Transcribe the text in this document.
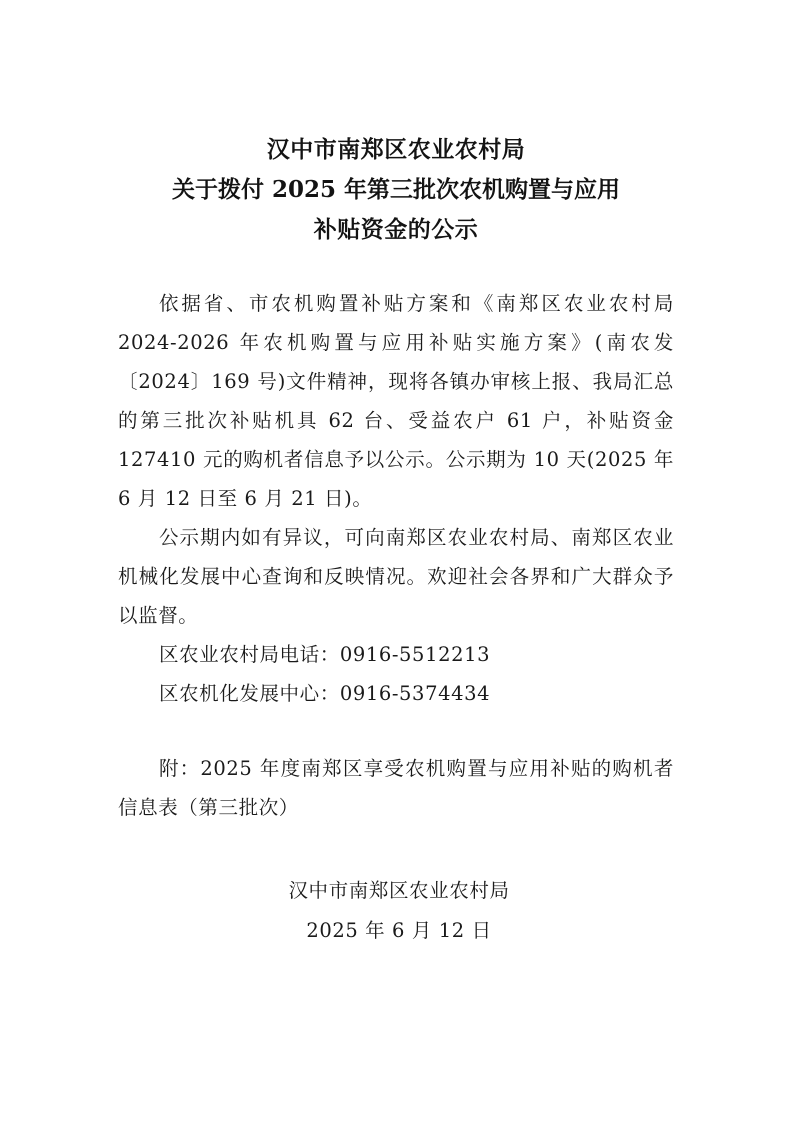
汉中市南郑区农业农村局
关于拨付 2025 年第三批次农机购置与应用
补贴资金的公示

依据省、市农机购置补贴方案和《南郑区农业农村局2024-2026 年农机购置与应用补贴实施方案》(南农发〔2024〕169 号)文件精神，现将各镇办审核上报、我局汇总的第三批次补贴机具 62 台、受益农户 61 户，补贴资金 127410 元的购机者信息予以公示。公示期为 10 天(2025 年 6 月 12 日至 6 月 21 日)。

公示期内如有异议，可向南郑区农业农村局、南郑区农业机械化发展中心查询和反映情况。欢迎社会各界和广大群众予以监督。

区农业农村局电话：0916-5512213

区农机化发展中心：0916-5374434

附：2025 年度南郑区享受农机购置与应用补贴的购机者信息表（第三批次）

汉中市南郑区农业农村局
2025 年 6 月 12 日
